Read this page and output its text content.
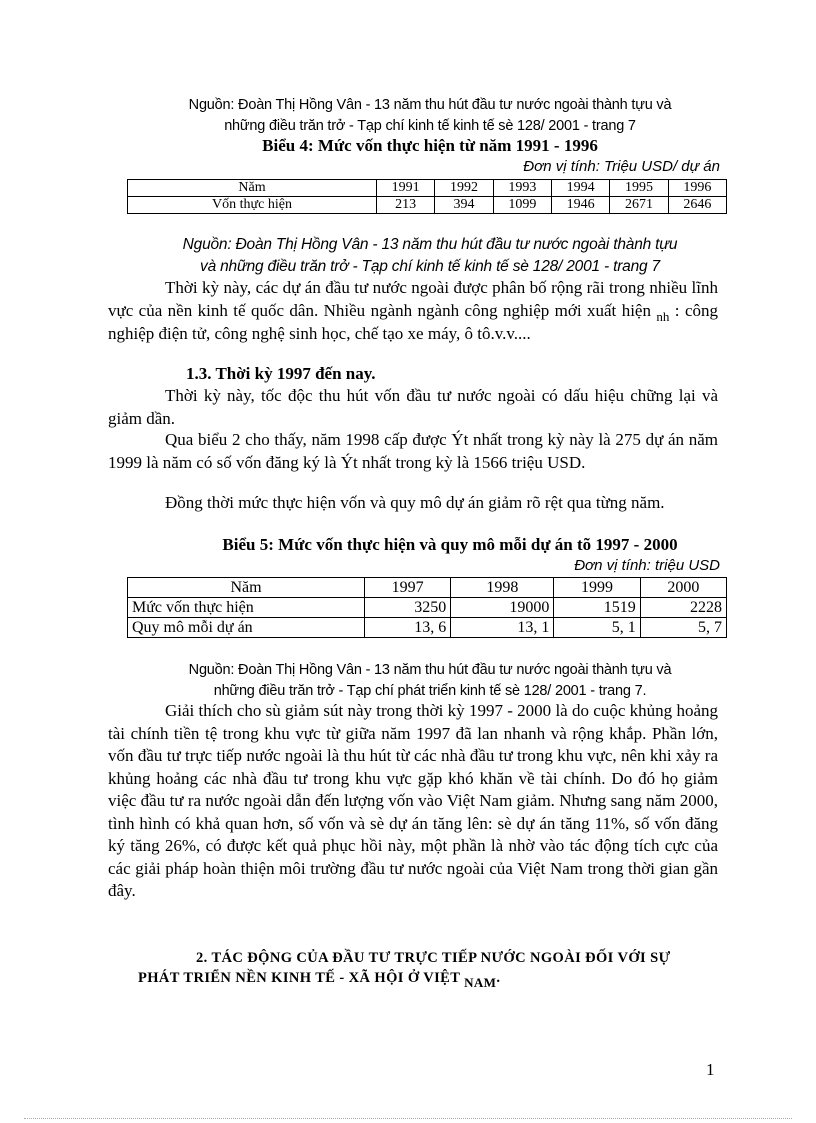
Nguồn: Đoàn Thị Hồng Vân - 13 năm thu hút đầu tư nước ngoài thành tựu và
những điều trăn trở - Tạp chí kinh tế kinh tế sè 128/ 2001 - trang 7
Biểu 4: Mức vốn thực hiện từ năm 1991 - 1996
Đơn vị tính: Triệu USD/ dự án
Năm	1991	1992	1993	1994	1995	1996
Vốn thực hiện	213	394	1099	1946	2671	2646
Nguồn: Đoàn Thị Hồng Vân - 13 năm thu hút đầu tư nước ngoài thành tựu
và những điều trăn trở - Tạp chí kinh tế kinh tế sè 128/ 2001 - trang 7
Thời kỳ này, các dự án đầu tư nước ngoài được phân bố rộng rãi trong nhiều lĩnh vực của nền kinh tế quốc dân. Nhiều ngành ngành công nghiệp mới xuất hiện $_{nh}$ : công nghiệp điện tử, công nghệ sinh học, chế tạo xe máy, ô tô.v.v....
1.3. Thời kỳ 1997 đến nay.
Thời kỳ này, tốc độc thu hút vốn đầu tư nước ngoài có dấu hiệu chững lại và giảm dần.
Qua biểu 2 cho thấy, năm 1998 cấp được Ýt nhất trong kỳ này là 275 dự án năm 1999 là năm có số vốn đăng ký là Ýt nhất trong kỳ là 1566 triệu USD.
Đồng thời mức thực hiện vốn và quy mô dự án giảm rõ rệt qua từng năm.
Biểu 5: Mức vốn thực hiện và quy mô mỗi dự án tõ 1997 - 2000
Đơn vị tính: triệu USD
Năm	1997	1998	1999	2000
Mức vốn thực hiện	3250	19000	1519	2228
Quy mô mỗi dự án	13, 6	13, 1	5, 1	5, 7
Nguồn: Đoàn Thị Hồng Vân - 13 năm thu hút đầu tư nước ngoài thành tựu và
những điều trăn trở - Tạp chí phát triển kinh tế sè 128/ 2001 - trang 7.
Giải thích cho sù giảm sút này trong thời kỳ 1997 - 2000 là do cuộc khủng hoảng tài chính tiền tệ trong khu vực từ giữa năm 1997 đã lan nhanh và rộng khắp. Phần lớn, vốn đầu tư trực tiếp nước ngoài là thu hút từ các nhà đầu tư trong khu vực, nên khi xảy ra khủng hoảng các nhà đầu tư trong khu vực gặp khó khăn về tài chính. Do đó họ giảm việc đầu tư ra nước ngoài dẫn đến lượng vốn vào Việt Nam giảm. Nhưng sang năm 2000, tình hình có khả quan hơn, số vốn và sè dự án tăng lên: sè dự án tăng 11%, số vốn đăng ký tăng 26%, có được kết quả phục hồi này, một phần là nhờ vào tác động tích cực của các giải pháp hoàn thiện môi trường đầu tư nước ngoài của Việt Nam trong thời gian gần đây.
2. TÁC ĐỘNG CỦA ĐẦU TƯ TRỰC TIẾP NƯỚC NGOÀI ĐỐI VỚI SỰ
PHÁT TRIỂN NỀN KINH TẾ - XÃ HỘI Ở VIỆT NAM.
1
